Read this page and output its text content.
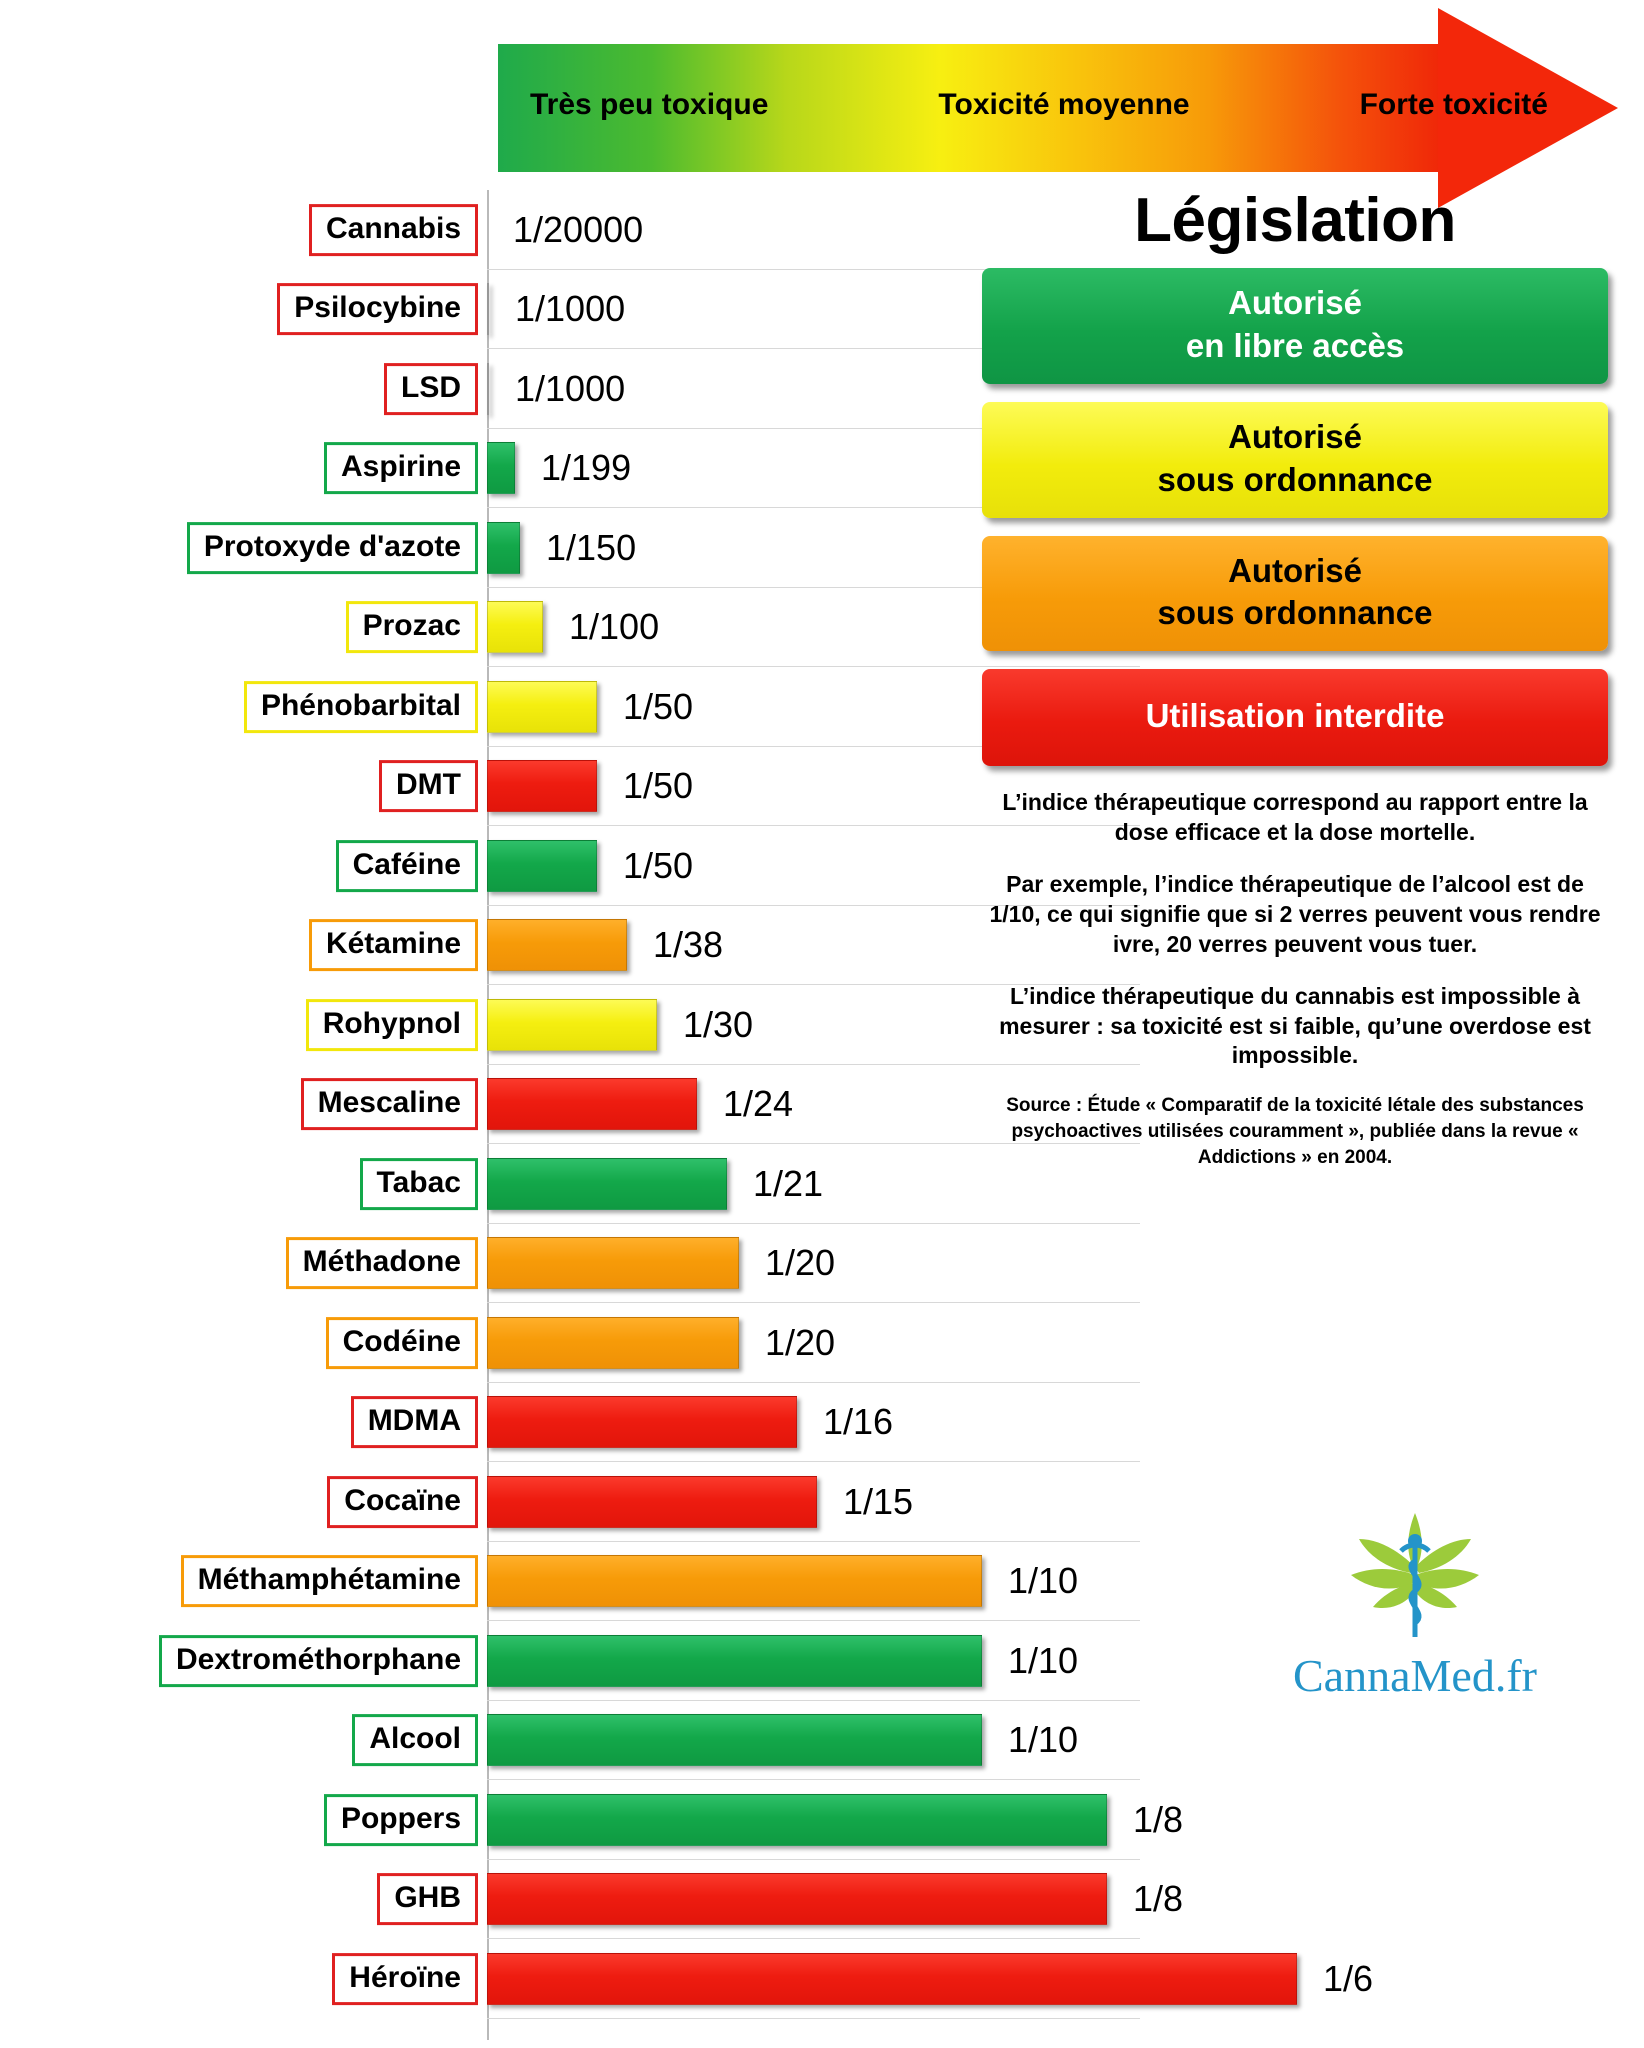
Très peu toxique	Toxicité moyenne	Forte toxicité
Cannabis	1/20000
Psilocybine	1/1000
LSD	1/1000
Aspirine	1/199
Protoxyde d'azote	1/150
Prozac	1/100
Phénobarbital	1/50
DMT	1/50
Caféine	1/50
Kétamine	1/38
Rohypnol	1/30
Mescaline	1/24
Tabac	1/21
Méthadone	1/20
Codéine	1/20
MDMA	1/16
Cocaïne	1/15
Méthamphétamine	1/10
Dextrométhorphane	1/10
Alcool	1/10
Poppers	1/8
GHB	1/8
Héroïne	1/6
Législation
Autorisé
en libre accès
Autorisé
sous ordonnance
Autorisé
sous ordonnance
Utilisation interdite

L’indice thérapeutique correspond au rapport entre la dose efficace et la dose mortelle.

Par exemple, l’indice thérapeutique de l’alcool est de 1/10, ce qui signifie que si 2 verres peuvent vous rendre ivre, 20 verres peuvent vous tuer.

L’indice thérapeutique du cannabis est impossible à mesurer : sa toxicité est si faible, qu’une overdose est impossible.

Source : Étude « Comparatif de la toxicité létale des substances psychoactives utilisées couramment », publiée dans la revue « Addictions » en 2004.

CannaMed.fr
